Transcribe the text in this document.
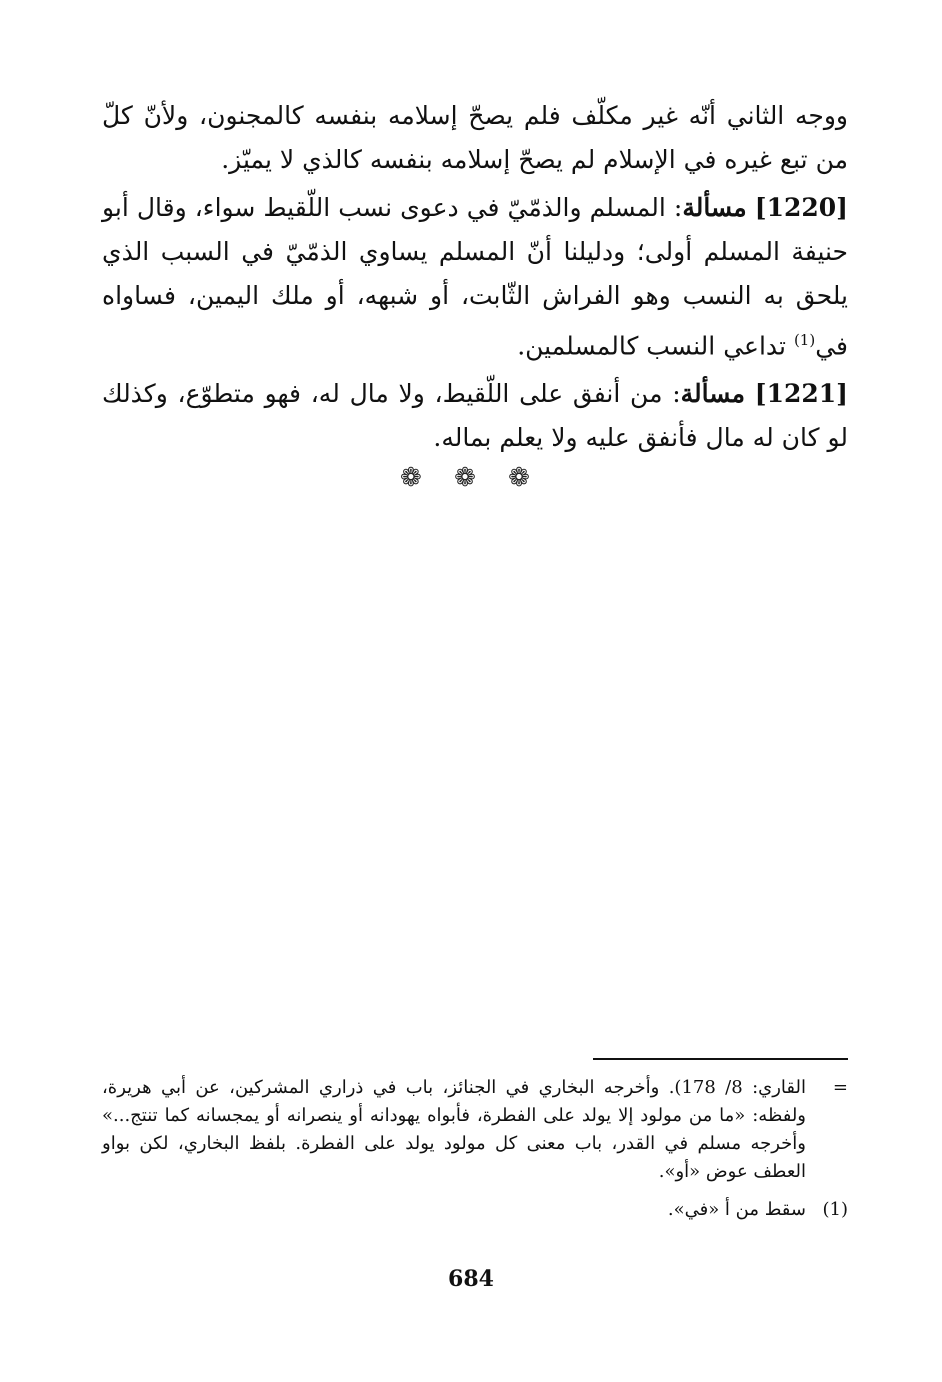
ووجه الثاني أنّه غير مكلّف فلم يصحّ إسلامه بنفسه كالمجنون، ولأنّ كلّ من تبع غيره في الإسلام لم يصحّ إسلامه بنفسه كالذي لا يميّز.

[1220] مسألة: المسلم والذمّيّ في دعوى نسب اللّقيط سواء، وقال أبو حنيفة المسلم أولى؛ ودليلنا أنّ المسلم يساوي الذمّيّ في السبب الذي يلحق به النسب وهو الفراش الثّابت، أو شبهه، أو ملك اليمين، فساواه في$^{(1)}$ تداعي النسب كالمسلمين.

[1221] مسألة: من أنفق على اللّقيط، ولا مال له، فهو متطوّع، وكذلك لو كان له مال فأنفق عليه ولا يعلم بماله.

❁ ❁ ❁
=
القاري: 8/ 178). وأخرجه البخاري في الجنائز، باب في ذراري المشركين، عن أبي هريرة، ولفظه: «ما من مولود إلا يولد على الفطرة، فأبواه يهودانه أو ينصرانه أو يمجسانه كما تنتج...» وأخرجه مسلم في القدر، باب معنى كل مولود يولد على الفطرة. بلفظ البخاري، لكن بواو العطف عوض «أو».
(1)
سقط من أ «في».
684
